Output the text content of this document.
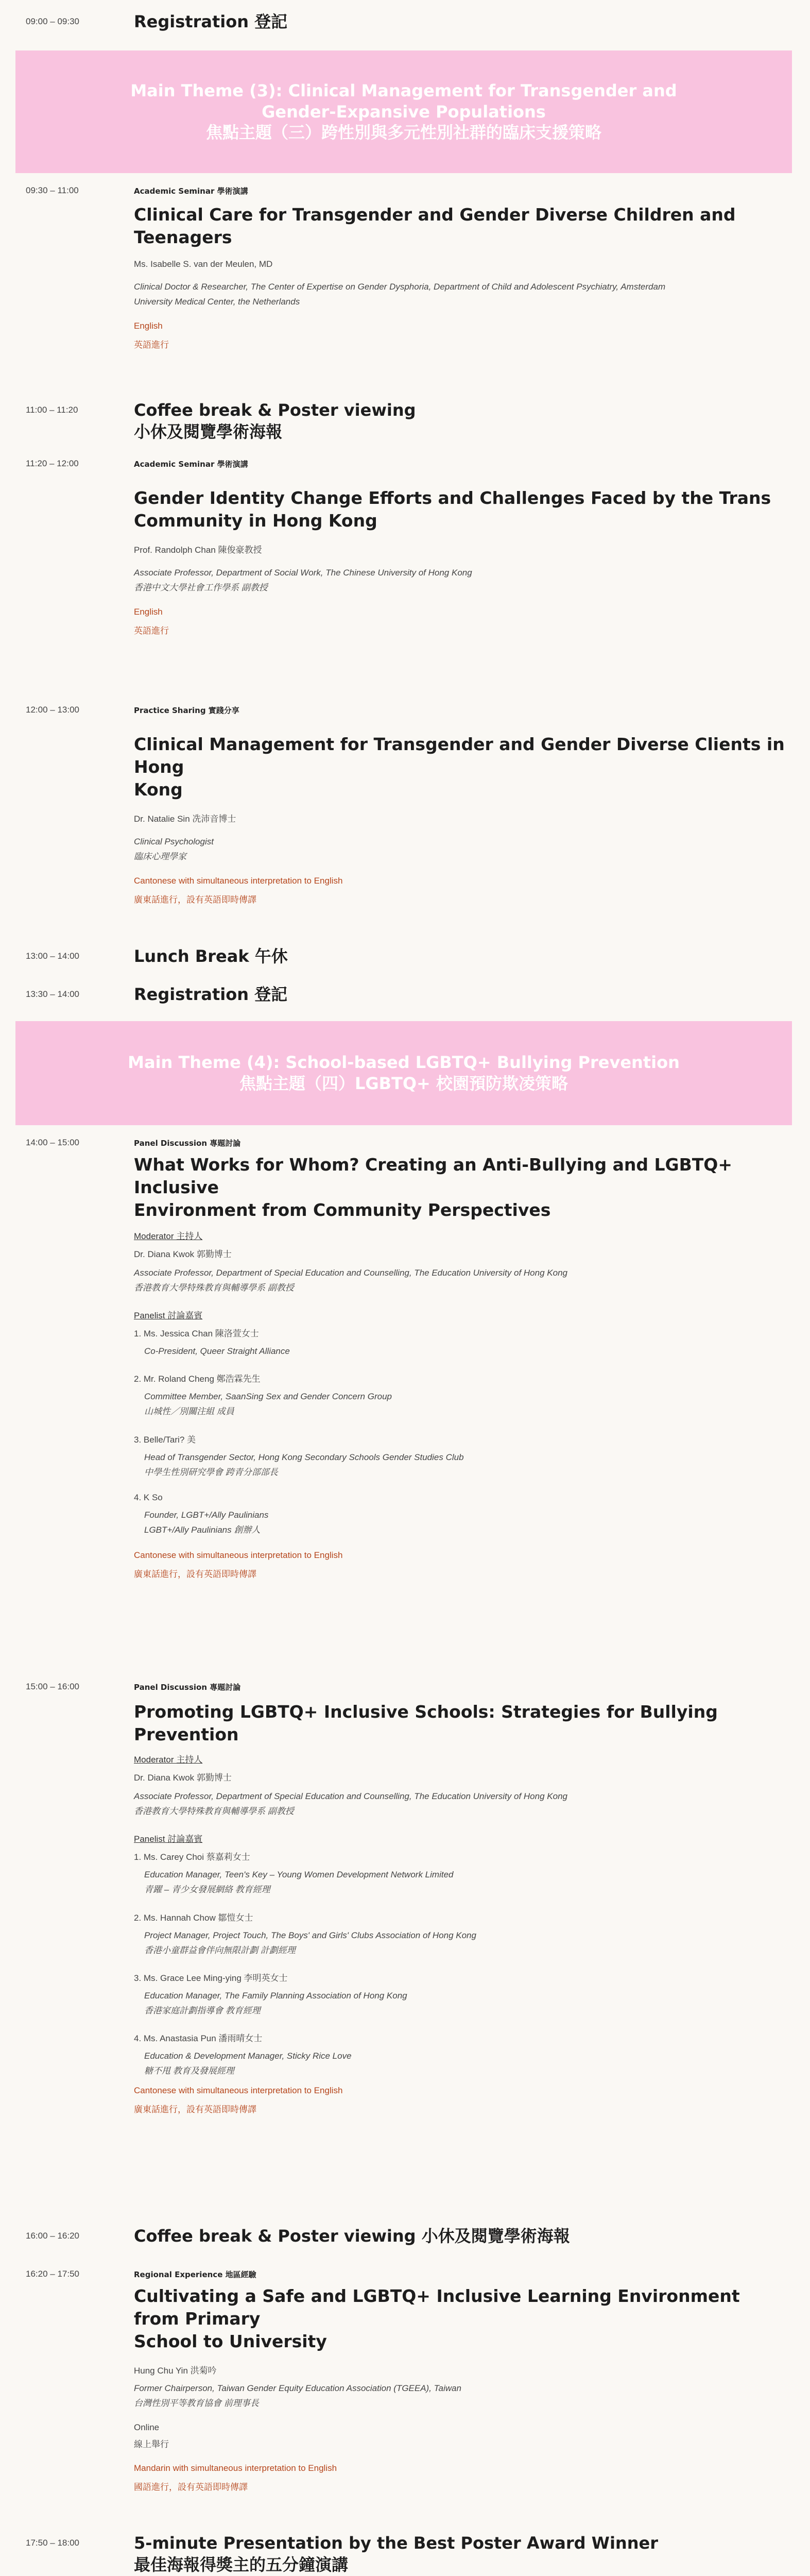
09:00 – 09:30	Registration 登記
Main Theme (3): Clinical Management for Transgender and
Gender-Expansive Populations
焦點主題（三）跨性別與多元性別社群的臨床支援策略
09:30 – 11:00	Academic Seminar 學術演講
Clinical Care for Transgender and Gender Diverse Children and Teenagers
Ms. Isabelle S. van der Meulen, MD
Clinical Doctor & Researcher, The Center of Expertise on Gender Dysphoria, Department of Child and Adolescent Psychiatry, Amsterdam
University Medical Center, the Netherlands
English
英語進行
11:00 – 11:20	Coffee break & Poster viewing
小休及閱覽學術海報
11:20 – 12:00	Academic Seminar 學術演講
Gender Identity Change Efforts and Challenges Faced by the Trans
Community in Hong Kong
Prof. Randolph Chan 陳俊豪教授
Associate Professor, Department of Social Work, The Chinese University of Hong Kong
香港中文大學社會工作學系 副教授
English
英語進行
12:00 – 13:00	Practice Sharing 實踐分享
Clinical Management for Transgender and Gender Diverse Clients in Hong
Kong
Dr. Natalie Sin 冼沛音博士
Clinical Psychologist
臨床心理學家
Cantonese with simultaneous interpretation to English
廣東話進行，設有英語即時傳譯
13:00 – 14:00	Lunch Break 午休
13:30 – 14:00	Registration 登記
Main Theme (4): School-based LGBTQ+ Bullying Prevention
焦點主題（四）LGBTQ+ 校園預防欺凌策略
14:00 – 15:00	Panel Discussion 專題討論
What Works for Whom? Creating an Anti-Bullying and LGBTQ+ Inclusive
Environment from Community Perspectives
Moderator 主持人
Dr. Diana Kwok 郭勤博士
Associate Professor, Department of Special Education and Counselling, The Education University of Hong Kong
香港教育大學特殊教育與輔導學系 副教授
Panelist 討論嘉賓
1. Ms. Jessica Chan 陳洛萱女士
Co-President, Queer Straight Alliance
2. Mr. Roland Cheng 鄭浩霖先生
Committee Member, SaanSing Sex and Gender Concern Group
山城性／別關注組 成員
3. Belle/Tari? 美
Head of Transgender Sector, Hong Kong Secondary Schools Gender Studies Club
中學生性別研究學會 跨青分部部長
4. K So
Founder, LGBT+/Ally Paulinians
LGBT+/Ally Paulinians 創辦人
Cantonese with simultaneous interpretation to English
廣東話進行，設有英語即時傳譯
15:00 – 16:00	Panel Discussion 專題討論
Promoting LGBTQ+ Inclusive Schools: Strategies for Bullying Prevention
Moderator 主持人
Dr. Diana Kwok 郭勤博士
Associate Professor, Department of Special Education and Counselling, The Education University of Hong Kong
香港教育大學特殊教育與輔導學系 副教授
Panelist 討論嘉賓
1. Ms. Carey Choi 蔡嘉莉女士
Education Manager, Teen's Key – Young Women Development Network Limited
青躍 – 青少女發展網絡 教育經理
2. Ms. Hannah Chow 鄒愷女士
Project Manager, Project Touch, The Boys' and Girls' Clubs Association of Hong Kong
香港小童群益會伴向無限計劃 計劃經理
3. Ms. Grace Lee Ming-ying 李明英女士
Education Manager, The Family Planning Association of Hong Kong
香港家庭計劃指導會 教育經理
4. Ms. Anastasia Pun 潘雨晴女士
Education & Development Manager, Sticky Rice Love
糖不甩 教育及發展經理
Cantonese with simultaneous interpretation to English
廣東話進行，設有英語即時傳譯
16:00 – 16:20	Coffee break & Poster viewing 小休及閱覽學術海報
16:20 – 17:50	Regional Experience 地區經驗
Cultivating a Safe and LGBTQ+ Inclusive Learning Environment from Primary
School to University
Hung Chu Yin 洪菊吟
Former Chairperson, Taiwan Gender Equity Education Association (TGEEA), Taiwan
台灣性別平等教育協會 前理事長
Online
線上舉行
Mandarin with simultaneous interpretation to English
國語進行，設有英語即時傳譯
17:50 – 18:00	5-minute Presentation by the Best Poster Award Winner
最佳海報得獎主的五分鐘演講
